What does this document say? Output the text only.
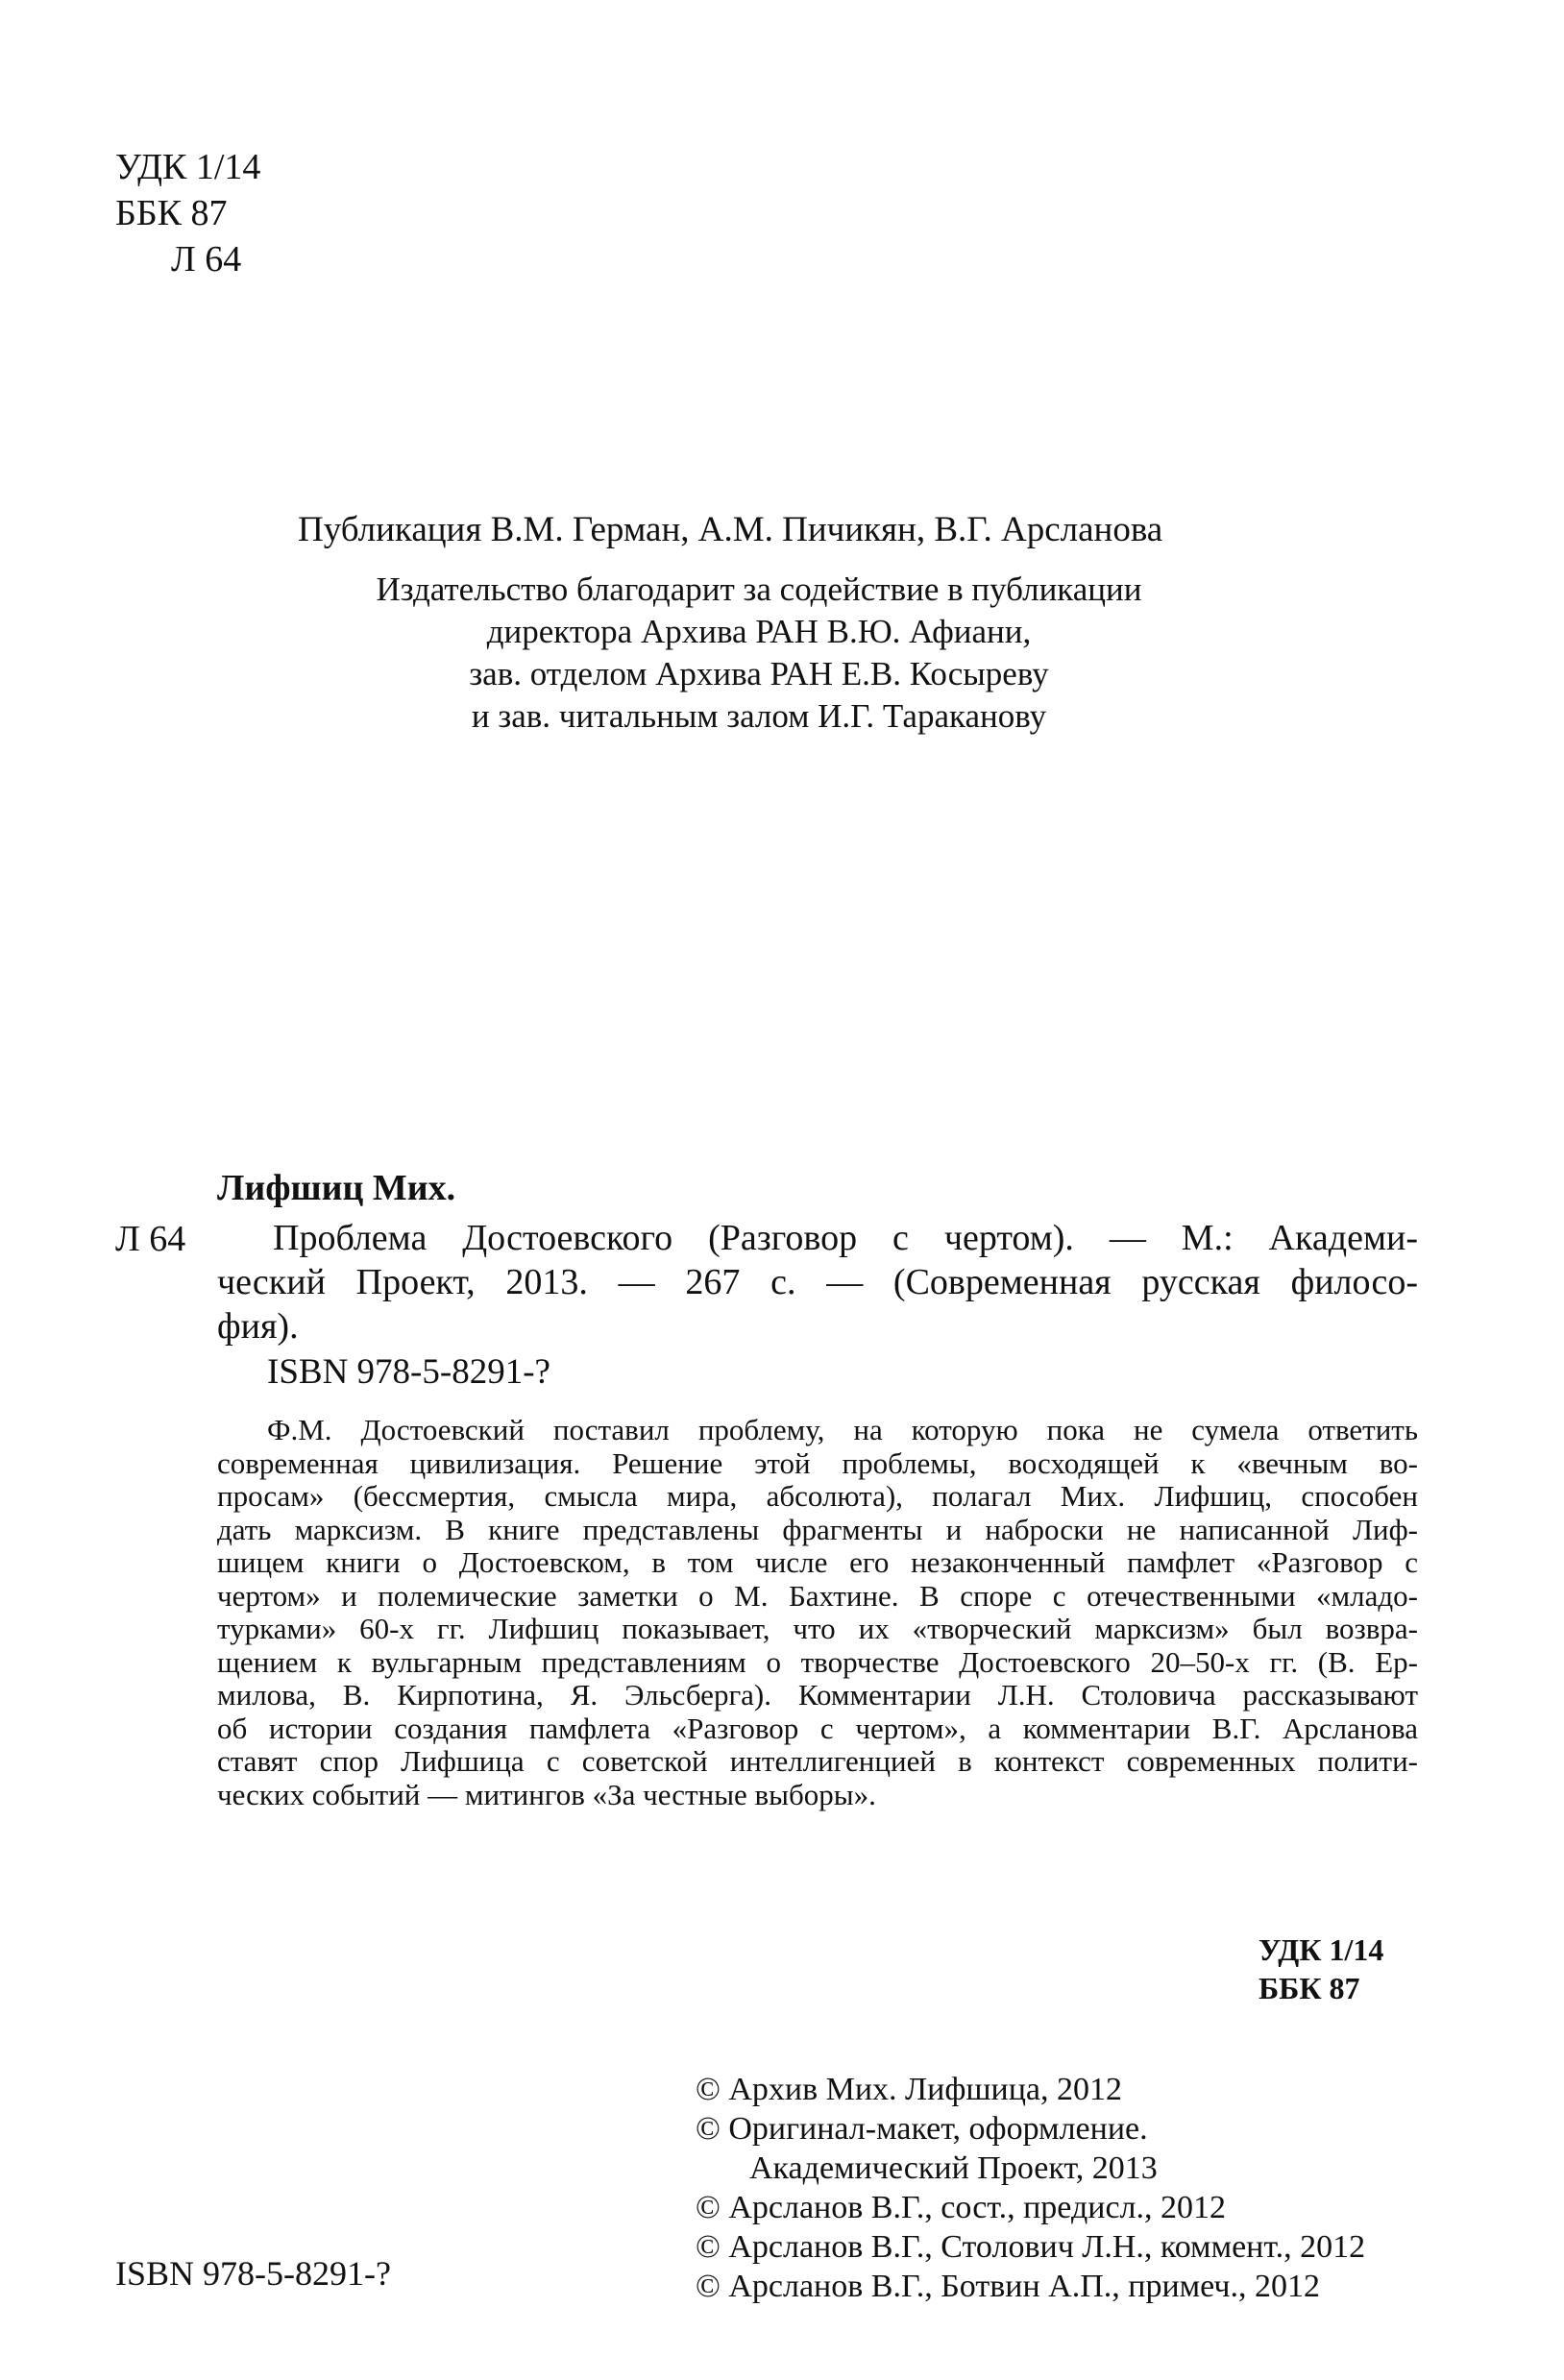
УДК 1/14
ББК 87
Л 64
Публикация В.М. Герман, А.М. Пичикян, В.Г. Арсланова
Издательство благодарит за содействие в публикации
директора Архива РАН В.Ю. Афиани,
зав. отделом Архива РАН Е.В. Косыреву
и зав. читальным залом И.Г. Тараканову
Лифшиц Мих.
Л 64	Проблема Достоевского (Разговор с чертом). — М.: Академи-
ческий Проект, 2013. — 267 с. — (Современная русская филосо-
фия).
ISBN 978-5-8291-?
Ф.М. Достоевский поставил проблему, на которую пока не сумела ответить
современная цивилизация. Решение этой проблемы, восходящей к «вечным во-
просам» (бессмертия, смысла мира, абсолюта), полагал Мих. Лифшиц, способен
дать марксизм. В книге представлены фрагменты и наброски не написанной Лиф-
шицем книги о Достоевском, в том числе его незаконченный памфлет «Разговор с
чертом» и полемические заметки о М. Бахтине. В споре с отечественными «младо-
турками» 60-х гг. Лифшиц показывает, что их «творческий марксизм» был возвра-
щением к вульгарным представлениям о творчестве Достоевского 20–50-х гг. (В. Ер-
милова, В. Кирпотина, Я. Эльсберга). Комментарии Л.Н. Столовича рассказывают
об истории создания памфлета «Разговор с чертом», а комментарии В.Г. Арсланова
ставят спор Лифшица с советской интеллигенцией в контекст современных полити-
ческих событий — митингов «За честные выборы».
УДК 1/14
ББК 87
© Архив Мих. Лифшица, 2012
© Оригинал-макет, оформление.
Академический Проект, 2013
© Арсланов В.Г., сост., предисл., 2012
© Арсланов В.Г., Столович Л.Н., коммент., 2012
© Арсланов В.Г., Ботвин А.П., примеч., 2012
ISBN 978-5-8291-?
